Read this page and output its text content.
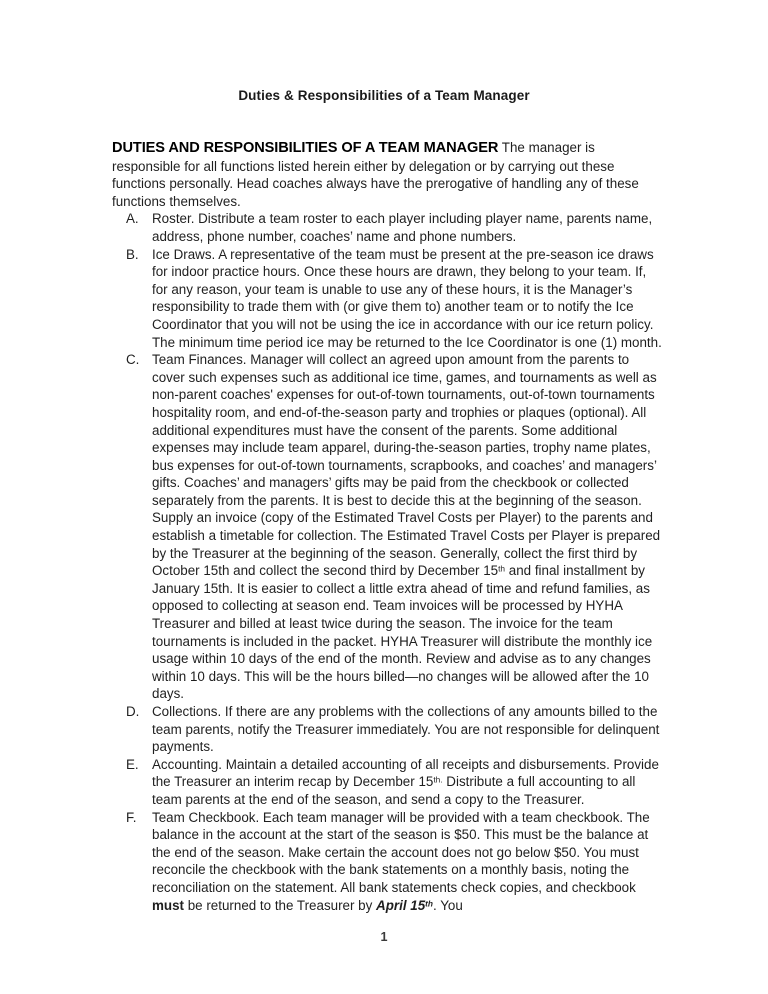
Duties & Responsibilities of a Team Manager

DUTIES AND RESPONSIBILITIES OF A TEAM MANAGER The manager is responsible for all functions listed herein either by delegation or by carrying out these functions personally. Head coaches always have the prerogative of handling any of these functions themselves.

A. Roster. Distribute a team roster to each player including player name, parents name, address, phone number, coaches’ name and phone numbers.
B. Ice Draws. A representative of the team must be present at the pre-season ice draws for indoor practice hours. Once these hours are drawn, they belong to your team. If, for any reason, your team is unable to use any of these hours, it is the Manager’s responsibility to trade them with (or give them to) another team or to notify the Ice Coordinator that you will not be using the ice in accordance with our ice return policy. The minimum time period ice may be returned to the Ice Coordinator is one (1) month.
C. Team Finances. Manager will collect an agreed upon amount from the parents to cover such expenses such as additional ice time, games, and tournaments as well as non-parent coaches' expenses for out-of-town tournaments, out-of-town tournaments hospitality room, and end-of-the-season party and trophies or plaques (optional). All additional expenditures must have the consent of the parents. Some additional expenses may include team apparel, during-the-season parties, trophy name plates, bus expenses for out-of-town tournaments, scrapbooks, and coaches’ and managers’ gifts. Coaches’ and managers’ gifts may be paid from the checkbook or collected separately from the parents. It is best to decide this at the beginning of the season. Supply an invoice (copy of the Estimated Travel Costs per Player) to the parents and establish a timetable for collection. The Estimated Travel Costs per Player is prepared by the Treasurer at the beginning of the season. Generally, collect the first third by October 15th and collect the second third by December 15th and final installment by January 15th. It is easier to collect a little extra ahead of time and refund families, as opposed to collecting at season end. Team invoices will be processed by HYHA Treasurer and billed at least twice during the season. The invoice for the team tournaments is included in the packet. HYHA Treasurer will distribute the monthly ice usage within 10 days of the end of the month. Review and advise as to any changes within 10 days. This will be the hours billed—no changes will be allowed after the 10 days.
D. Collections. If there are any problems with the collections of any amounts billed to the team parents, notify the Treasurer immediately. You are not responsible for delinquent payments.
E. Accounting. Maintain a detailed accounting of all receipts and disbursements. Provide the Treasurer an interim recap by December $15^{th.}$ Distribute a full accounting to all team parents at the end of the season, and send a copy to the Treasurer.
F.	Team Checkbook. Each team manager will be provided with a team checkbook. The balance in the account at the start of the season is $50. This must be the balance at the end of the season. Make certain the account does not go below $50. You must reconcile the checkbook with the bank statements on a monthly basis, noting the reconciliation on the statement. All bank statements check copies, and checkbook must be returned to the Treasurer by April 15th. You
1
